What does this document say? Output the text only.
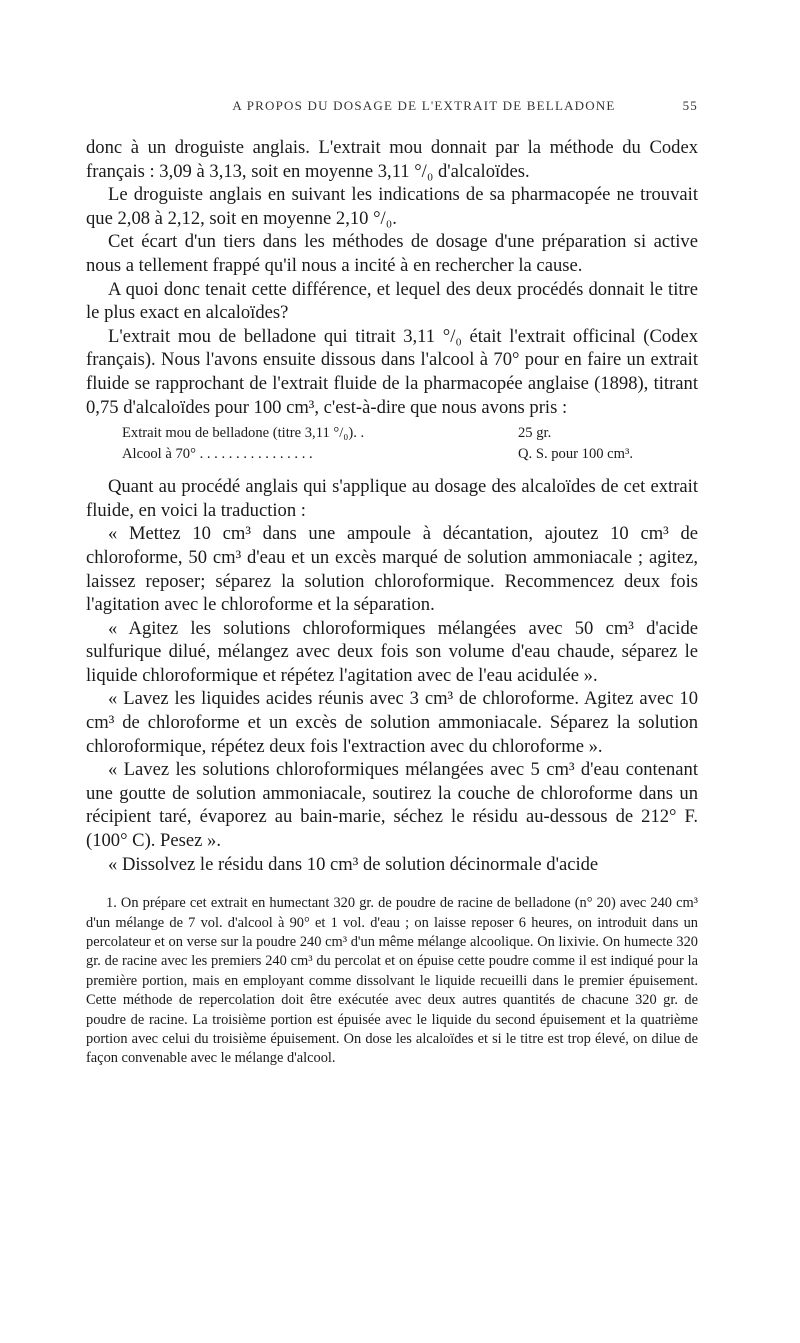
A PROPOS DU DOSAGE DE L'EXTRAIT DE BELLADONE	55

donc à un droguiste anglais. L'extrait mou donnait par la méthode du Codex français : 3,09 à 3,13, soit en moyenne 3,11 °/₀ d'alcaloïdes.

Le droguiste anglais en suivant les indications de sa pharmacopée ne trouvait que 2,08 à 2,12, soit en moyenne 2,10 °/₀.

Cet écart d'un tiers dans les méthodes de dosage d'une préparation si active nous a tellement frappé qu'il nous a incité à en rechercher la cause.

A quoi donc tenait cette différence, et lequel des deux procédés donnait le titre le plus exact en alcaloïdes?

L'extrait mou de belladone qui titrait 3,11 °/₀ était l'extrait officinal (Codex français). Nous l'avons ensuite dissous dans l'alcool à 70° pour en faire un extrait fluide se rapprochant de l'extrait fluide de la pharmacopée anglaise (1898), titrant 0,75 d'alcaloïdes pour 100 cm³, c'est-à-dire que nous avons pris :

Extrait mou de belladone (titre 3,11 °/₀). .	25 gr.
Alcool à 70° . . . . . . . . . . . . . . . .	Q. S. pour 100 cm³.

Quant au procédé anglais qui s'applique au dosage des alcaloïdes de cet extrait fluide, en voici la traduction :

« Mettez 10 cm³ dans une ampoule à décantation, ajoutez 10 cm³ de chloroforme, 50 cm³ d'eau et un excès marqué de solution ammoniacale ; agitez, laissez reposer; séparez la solution chloroformique. Recommencez deux fois l'agitation avec le chloroforme et la séparation.

« Agitez les solutions chloroformiques mélangées avec 50 cm³ d'acide sulfurique dilué, mélangez avec deux fois son volume d'eau chaude, séparez le liquide chloroformique et répétez l'agitation avec de l'eau acidulée ».

« Lavez les liquides acides réunis avec 3 cm³ de chloroforme. Agitez avec 10 cm³ de chloroforme et un excès de solution ammoniacale. Séparez la solution chloroformique, répétez deux fois l'extraction avec du chloroforme ».

« Lavez les solutions chloroformiques mélangées avec 5 cm³ d'eau contenant une goutte de solution ammoniacale, soutirez la couche de chloroforme dans un récipient taré, évaporez au bain-marie, séchez le résidu au-dessous de 212° F. (100° C). Pesez ».

« Dissolvez le résidu dans 10 cm³ de solution décinormale d'acide

1. On prépare cet extrait en humectant 320 gr. de poudre de racine de belladone (n° 20) avec 240 cm³ d'un mélange de 7 vol. d'alcool à 90° et 1 vol. d'eau ; on laisse reposer 6 heures, on introduit dans un percolateur et on verse sur la poudre 240 cm³ d'un même mélange alcoolique. On lixivie. On humecte 320 gr. de racine avec les premiers 240 cm³ du percolat et on épuise cette poudre comme il est indiqué pour la première portion, mais en employant comme dissolvant le liquide recueilli dans le premier épuisement. Cette méthode de repercolation doit être exécutée avec deux autres quantités de chacune 320 gr. de poudre de racine. La troisième portion est épuisée avec le liquide du second épuisement et la quatrième portion avec celui du troisième épuisement. On dose les alcaloïdes et si le titre est trop élevé, on dilue de façon convenable avec le mélange d'alcool.
